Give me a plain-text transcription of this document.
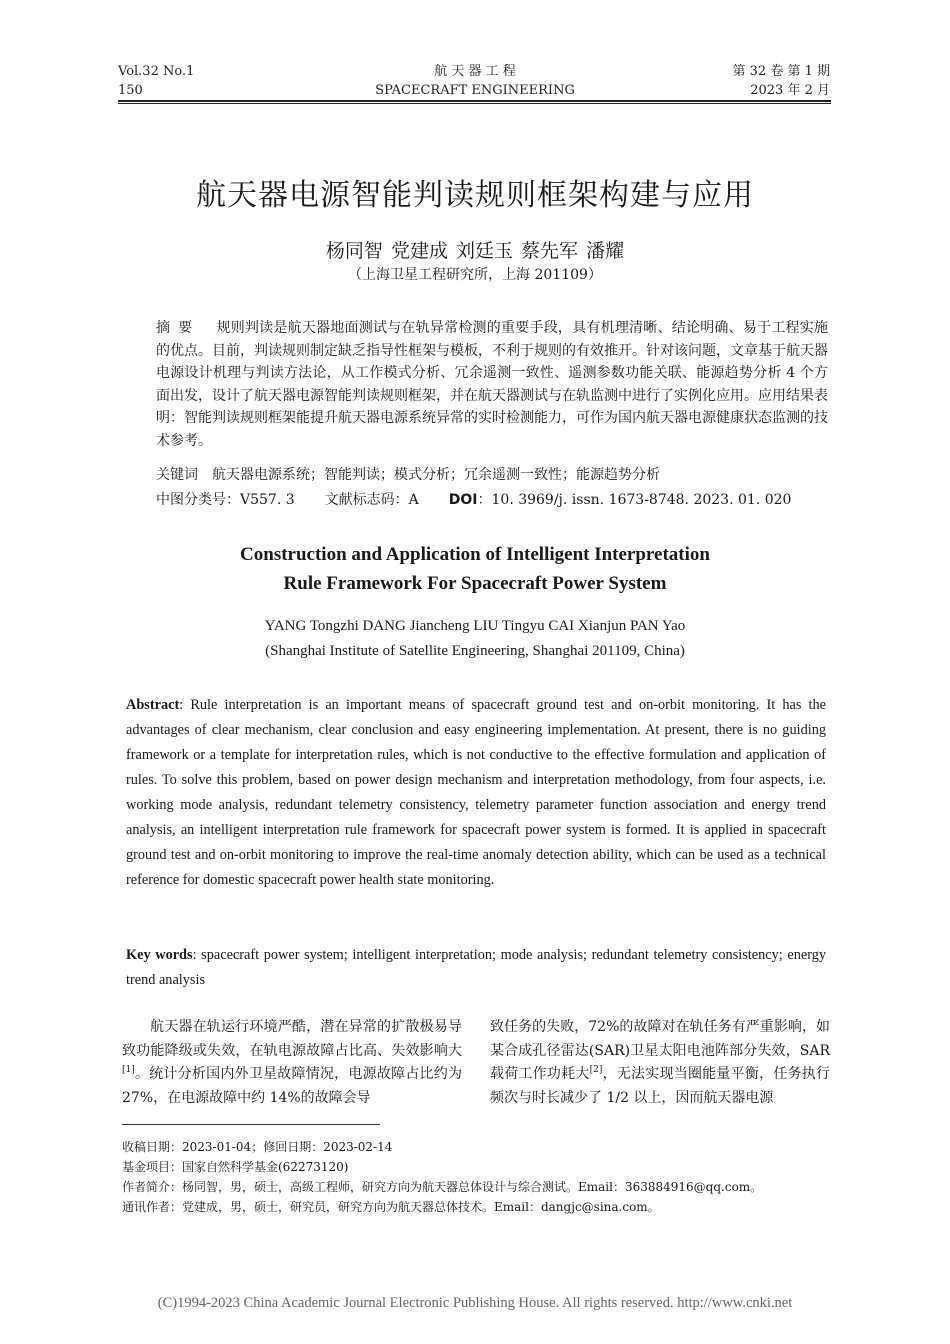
Vol.32 No.1
150
航 天 器 工 程
SPACECRAFT ENGINEERING
第 32 卷 第 1 期
2023 年 2 月
航天器电源智能判读规则框架构建与应用
杨同智 党建成 刘廷玉 蔡先军 潘耀
（上海卫星工程研究所，上海 201109）
摘要 规则判读是航天器地面测试与在轨异常检测的重要手段，具有机理清晰、结论明确、易于工程实施的优点。目前，判读规则制定缺乏指导性框架与模板，不利于规则的有效推开。针对该问题，文章基于航天器电源设计机理与判读方法论，从工作模式分析、冗余遥测一致性、遥测参数功能关联、能源趋势分析 4 个方面出发，设计了航天器电源智能判读规则框架，并在航天器测试与在轨监测中进行了实例化应用。应用结果表明：智能判读规则框架能提升航天器电源系统异常的实时检测能力，可作为国内航天器电源健康状态监测的技术参考。
关键词 航天器电源系统；智能判读；模式分析；冗余遥测一致性；能源趋势分析
中图分类号：V557. 3 文献标志码：A DOI：10. 3969/j. issn. 1673-8748. 2023. 01. 020
Construction and Application of Intelligent Interpretation
Rule Framework For Spacecraft Power System
YANG Tongzhi DANG Jiancheng LIU Tingyu CAI Xianjun PAN Yao
(Shanghai Institute of Satellite Engineering, Shanghai 201109, China)
Abstract: Rule interpretation is an important means of spacecraft ground test and on-orbit monitoring. It has the advantages of clear mechanism, clear conclusion and easy engineering implementation. At present, there is no guiding framework or a template for interpretation rules, which is not conductive to the effective formulation and application of rules. To solve this problem, based on power design mechanism and interpretation methodology, from four aspects, i.e. working mode analysis, redundant telemetry consistency, telemetry parameter function association and energy trend analysis, an intelligent interpretation rule framework for spacecraft power system is formed. It is applied in spacecraft ground test and on-orbit monitoring to improve the real-time anomaly detection ability, which can be used as a technical reference for domestic spacecraft power health state monitoring.
Key words: spacecraft power system; intelligent interpretation; mode analysis; redundant telemetry consistency; energy trend analysis
航天器在轨运行环境严酷，潜在异常的扩散极易导致功能降级或失效，在轨电源故障占比高、失效影响大[1]。统计分析国内外卫星故障情况，电源故障占比约为 27%，在电源故障中约 14%的故障会导
致任务的失败，72%的故障对在轨任务有严重影响，如某合成孔径雷达(SAR)卫星太阳电池阵部分失效，SAR 载荷工作功耗大[2]，无法实现当圈能量平衡，任务执行频次与时长减少了 1/2 以上，因而航天器电源
收稿日期：2023-01-04；修回日期：2023-02-14
基金项目：国家自然科学基金(62273120)
作者简介：杨同智，男，硕士，高级工程师，研究方向为航天器总体设计与综合测试。Email：363884916@qq.com。
通讯作者：党建成，男，硕士，研究员，研究方向为航天器总体技术。Email：dangjc@sina.com。
(C)1994-2023 China Academic Journal Electronic Publishing House. All rights reserved. http://www.cnki.net
